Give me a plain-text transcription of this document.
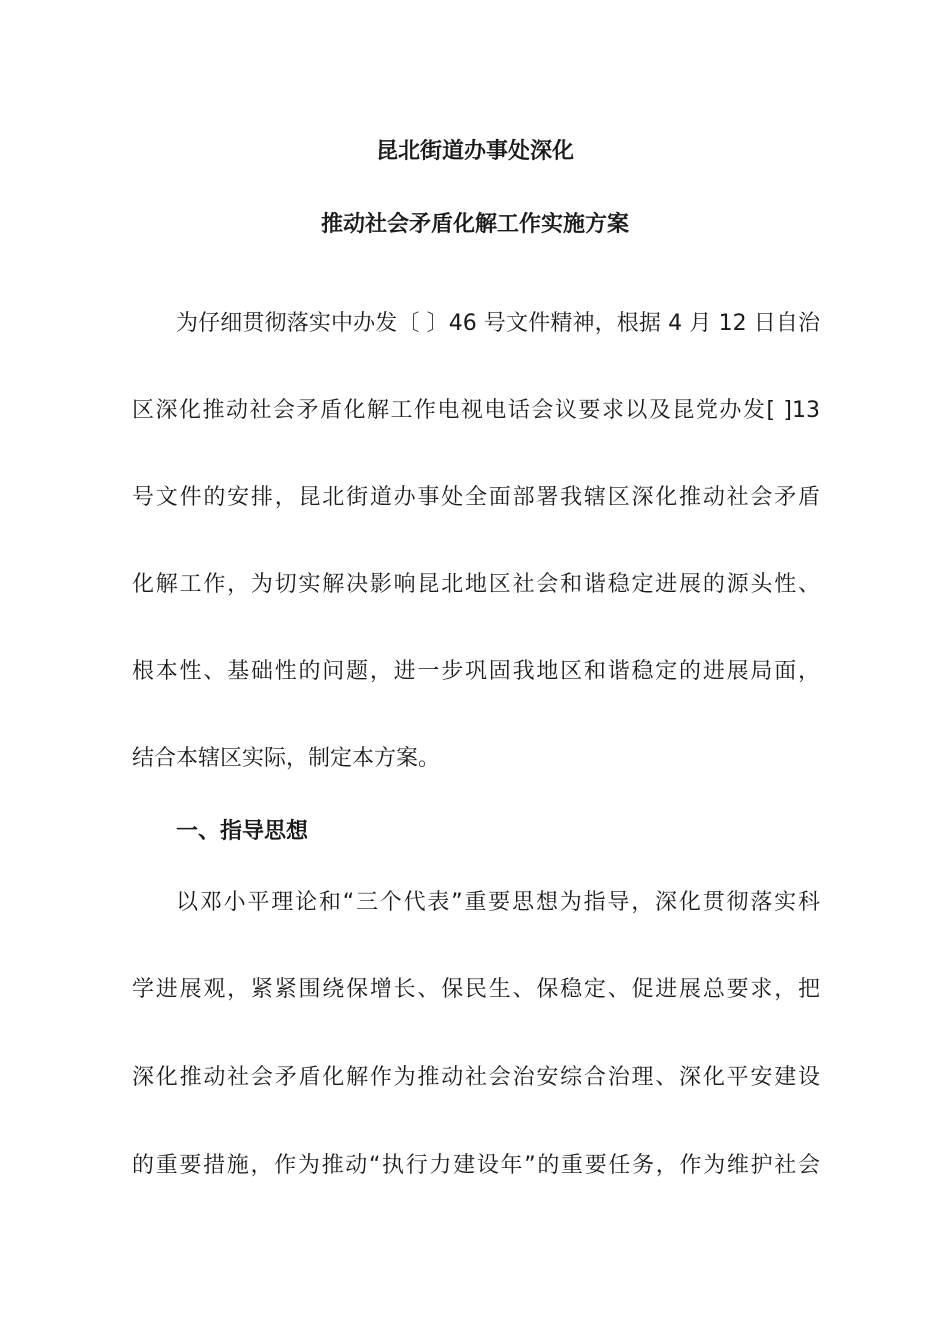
昆北街道办事处深化
推动社会矛盾化解工作实施方案
为仔细贯彻落实中办发〔 〕46 号文件精神，根据 4 月 12 日自治
区深化推动社会矛盾化解工作电视电话会议要求以及昆党办发[ ]13
号文件的安排，昆北街道办事处全面部署我辖区深化推动社会矛盾
化解工作，为切实解决影响昆北地区社会和谐稳定进展的源头性、
根本性、基础性的问题，进一步巩固我地区和谐稳定的进展局面，
结合本辖区实际，制定本方案。
一、指导思想
以邓小平理论和“三个代表”重要思想为指导，深化贯彻落实科
学进展观，紧紧围绕保增长、保民生、保稳定、促进展总要求，把
深化推动社会矛盾化解作为推动社会治安综合治理、深化平安建设
的重要措施，作为推动“执行力建设年”的重要任务，作为维护社会
